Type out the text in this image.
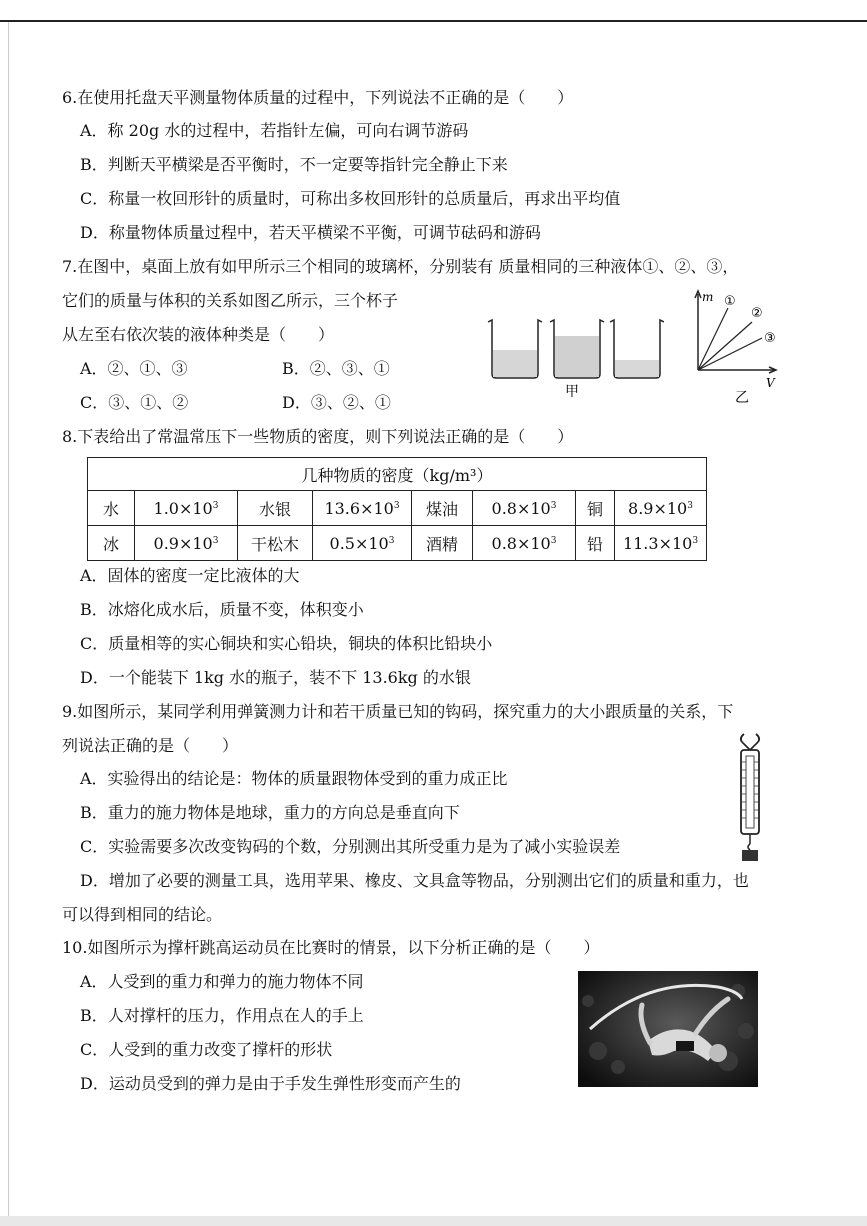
6.在使用托盘天平测量物体质量的过程中，下列说法不正确的是（　　）
A．称 20g 水的过程中，若指针左偏，可向右调节游码
B．判断天平横梁是否平衡时，不一定要等指针完全静止下来
C．称量一枚回形针的质量时，可称出多枚回形针的总质量后，再求出平均值
D．称量物体质量过程中，若天平横梁不平衡，可调节砝码和游码
7.在图中，桌面上放有如甲所示三个相同的玻璃杯，分别装有 质量相同的三种液体①、②、③，
它们的质量与体积的关系如图乙所示，三个杯子
从左至右依次装的液体种类是（　　）
A．②、①、③	B．②、③、①
C．③、①、②	D．③、②、①
甲
m
V
①
②
③
乙
8.下表给出了常温常压下一些物质的密度，则下列说法正确的是（　　）
几种物质的密度（kg/m³）							
水	$1.0\times 10^3$	水银	$13.6\times 10^3$	煤油	$0.8\times 10^3$	铜	$8.9\times 10^3$
冰	$0.9\times 10^3$	干松木	$0.5\times 10^3$	酒精	$0.8\times 10^3$	铅	$11.3\times 10^3$
A．固体的密度一定比液体的大
B．冰熔化成水后，质量不变，体积变小
C．质量相等的实心铜块和实心铅块，铜块的体积比铅块小
D．一个能装下 1kg 水的瓶子，装不下 13.6kg 的水银
9.如图所示，某同学利用弹簧测力计和若干质量已知的钩码，探究重力的大小跟质量的关系，下
列说法正确的是（　　）
A．实验得出的结论是：物体的质量跟物体受到的重力成正比
B．重力的施力物体是地球，重力的方向总是垂直向下
C．实验需要多次改变钩码的个数，分别测出其所受重力是为了减小实验误差
D．增加了必要的测量工具，选用苹果、橡皮、文具盒等物品，分别测出它们的质量和重力，也
可以得到相同的结论。
10.如图所示为撑杆跳高运动员在比赛时的情景，以下分析正确的是（　　）
A．人受到的重力和弹力的施力物体不同
B．人对撑杆的压力，作用点在人的手上
C．人受到的重力改变了撑杆的形状
D．运动员受到的弹力是由于手发生弹性形变而产生的
